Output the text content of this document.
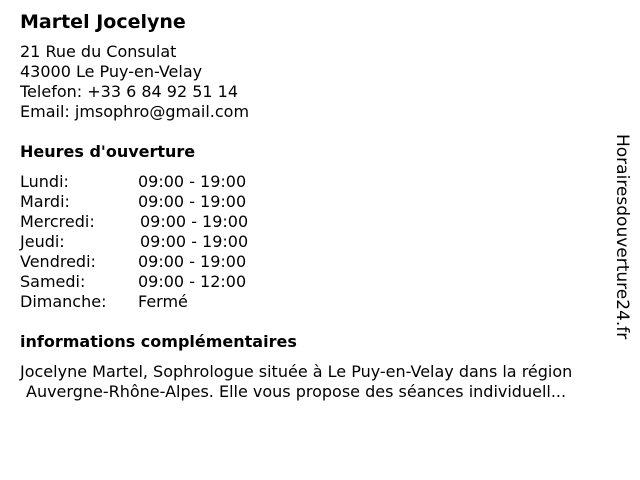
Martel Jocelyne
21 Rue du Consulat
43000 Le Puy-en-Velay
Telefon: +33 6 84 92 51 14
Email: jmsophro@gmail.com
Heures d'ouverture
Lundi:	09:00 - 19:00
Mardi:	09:00 - 19:00
Mercredi:	09:00 - 19:00
Jeudi:	09:00 - 19:00
Vendredi:	09:00 - 19:00
Samedi:	09:00 - 12:00
Dimanche: Fermé
informations complémentaires
Jocelyne Martel, Sophrologue située à Le Puy-en-Velay dans la région
Auvergne-Rhône-Alpes. Elle vous propose des séances individuell...
Horairesdouverture24.fr
